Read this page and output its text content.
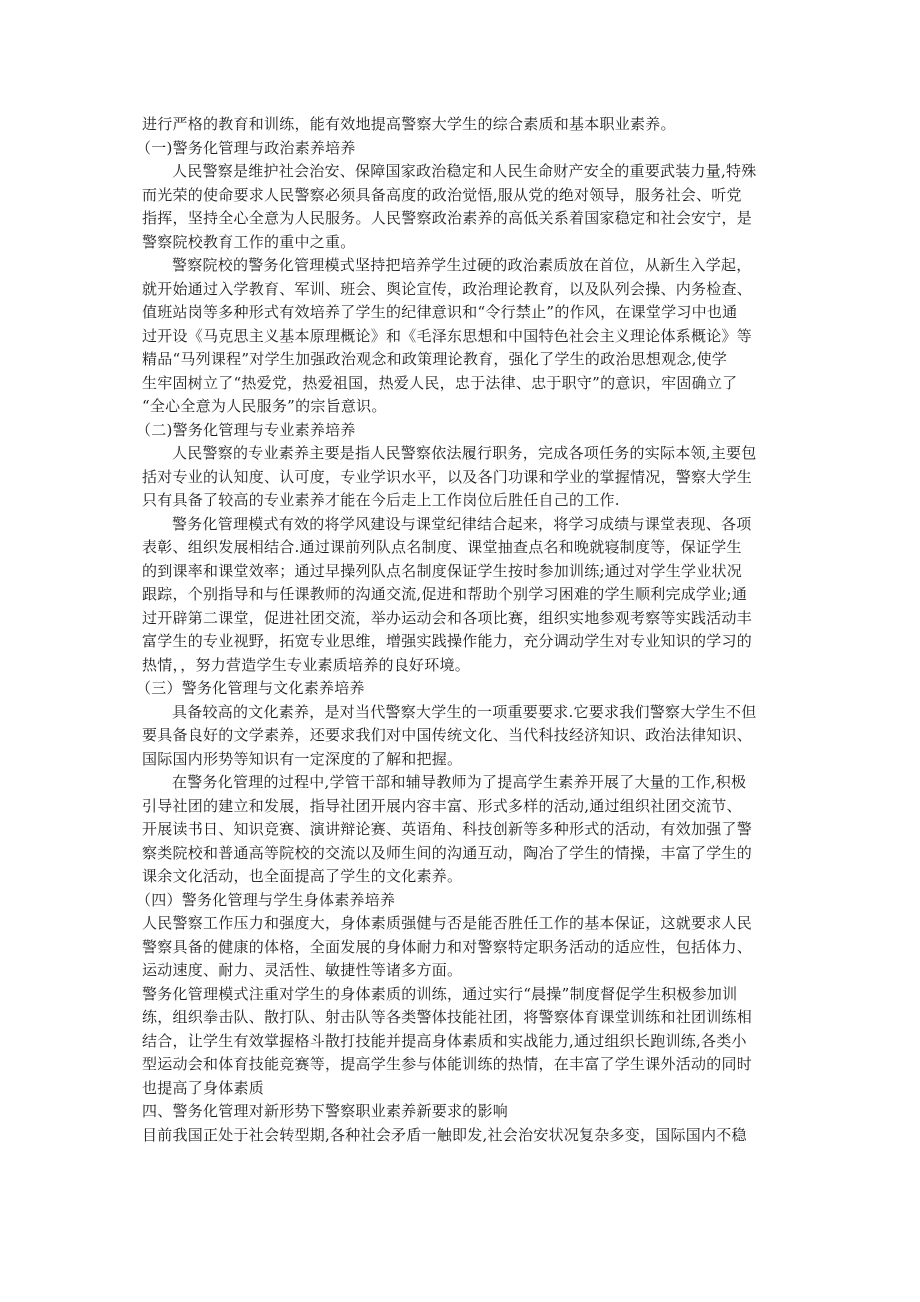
进行严格的教育和训练，能有效地提高警察大学生的综合素质和基本职业素养。

（一)警务化管理与政治素养培养

人民警察是维护社会治安、保障国家政治稳定和人民生命财产安全的重要武装力量,特殊
而光荣的使命要求人民警察必须具备高度的政治觉悟,服从党的绝对领导，服务社会、听党
指挥，坚持全心全意为人民服务。人民警察政治素养的高低关系着国家稳定和社会安宁，是
警察院校教育工作的重中之重。

警察院校的警务化管理模式坚持把培养学生过硬的政治素质放在首位，从新生入学起，
就开始通过入学教育、军训、班会、舆论宣传，政治理论教育，以及队列会操、内务检查、
值班站岗等多种形式有效培养了学生的纪律意识和“令行禁止”的作风，在课堂学习中也通
过开设《马克思主义基本原理概论》和《毛泽东思想和中国特色社会主义理论体系概论》等
精品“马列课程”对学生加强政治观念和政策理论教育，强化了学生的政治思想观念,使学
生牢固树立了“热爱党，热爱祖国，热爱人民，忠于法律、忠于职守”的意识，牢固确立了
“全心全意为人民服务”的宗旨意识。

（二)警务化管理与专业素养培养

人民警察的专业素养主要是指人民警察依法履行职务，完成各项任务的实际本领,主要包
括对专业的认知度、认可度，专业学识水平，以及各门功课和学业的掌握情况，警察大学生
只有具备了较高的专业素养才能在今后走上工作岗位后胜任自己的工作.

警务化管理模式有效的将学风建设与课堂纪律结合起来，将学习成绩与课堂表现、各项
表彰、组织发展相结合.通过课前列队点名制度、课堂抽查点名和晚就寝制度等，保证学生
的到课率和课堂效率；通过早操列队点名制度保证学生按时参加训练;通过对学生学业状况
跟踪，个别指导和与任课教师的沟通交流,促进和帮助个别学习困难的学生顺利完成学业;通
过开辟第二课堂，促进社团交流，举办运动会和各项比赛，组织实地参观考察等实践活动丰
富学生的专业视野，拓宽专业思维，增强实践操作能力，充分调动学生对专业知识的学习的
热情，，努力营造学生专业素质培养的良好环境。

（三）警务化管理与文化素养培养

具备较高的文化素养，是对当代警察大学生的一项重要要求.它要求我们警察大学生不但
要具备良好的文学素养，还要求我们对中国传统文化、当代科技经济知识、政治法律知识、
国际国内形势等知识有一定深度的了解和把握。

在警务化管理的过程中,学管干部和辅导教师为了提高学生素养开展了大量的工作,积极
引导社团的建立和发展，指导社团开展内容丰富、形式多样的活动,通过组织社团交流节、
开展读书日、知识竞赛、演讲辩论赛、英语角、科技创新等多种形式的活动，有效加强了警
察类院校和普通高等院校的交流以及师生间的沟通互动，陶冶了学生的情操，丰富了学生的
课余文化活动，也全面提高了学生的文化素养。

（四）警务化管理与学生身体素养培养

人民警察工作压力和强度大，身体素质强健与否是能否胜任工作的基本保证，这就要求人民
警察具备的健康的体格，全面发展的身体耐力和对警察特定职务活动的适应性，包括体力、
运动速度、耐力、灵活性、敏捷性等诸多方面。

警务化管理模式注重对学生的身体素质的训练，通过实行“晨操”制度督促学生积极参加训
练，组织拳击队、散打队、射击队等各类警体技能社团，将警察体育课堂训练和社团训练相
结合，让学生有效掌握格斗散打技能并提高身体素质和实战能力,通过组织长跑训练,各类小
型运动会和体育技能竞赛等，提高学生参与体能训练的热情，在丰富了学生课外活动的同时
也提高了身体素质

四、警务化管理对新形势下警察职业素养新要求的影响

目前我国正处于社会转型期,各种社会矛盾一触即发,社会治安状况复杂多变，国际国内不稳
